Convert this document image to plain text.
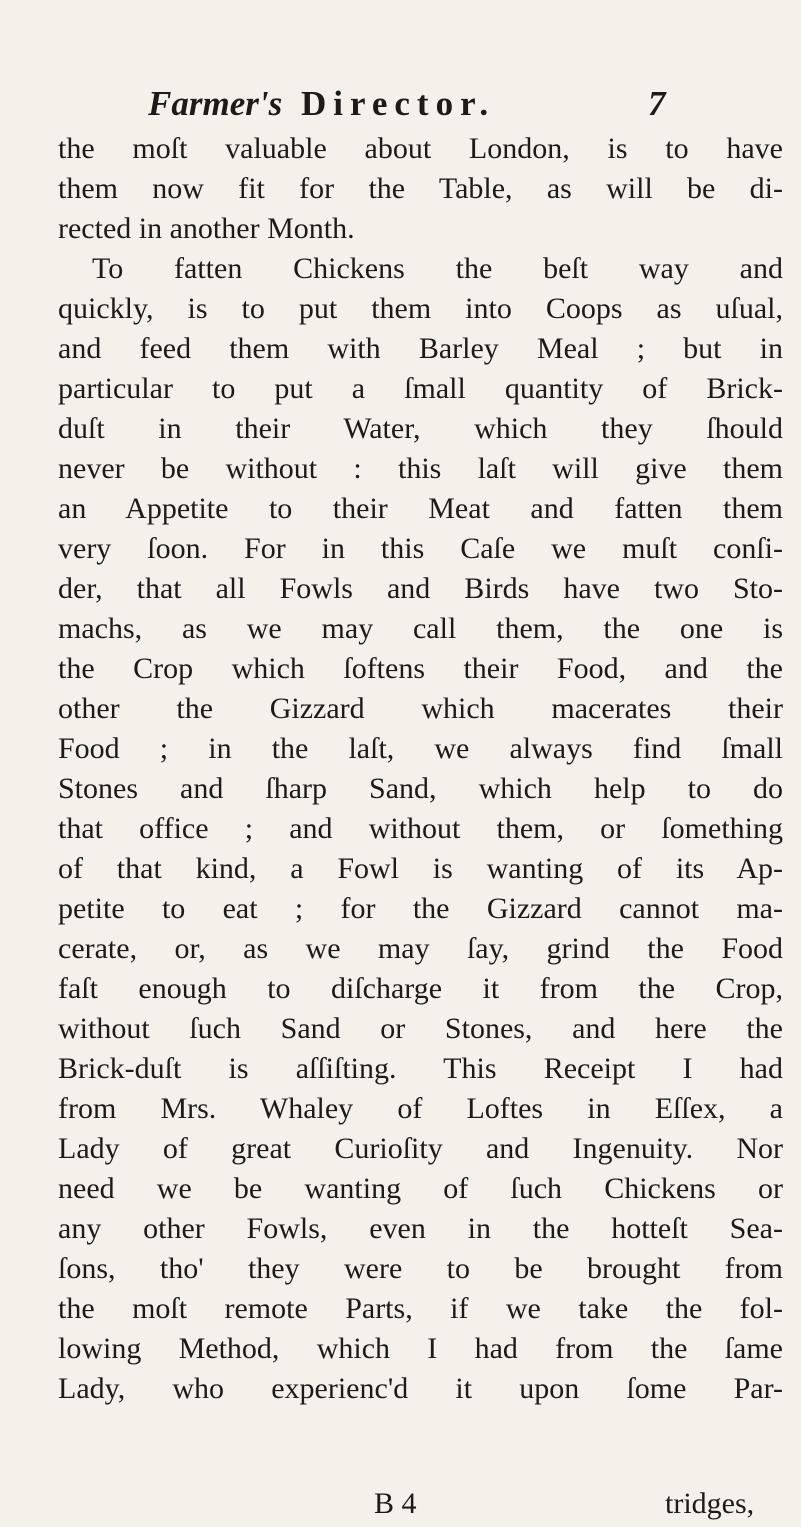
Farmer's Director.	7
the moſt valuable about London, is to have
them now fit for the Table, as will be di-
rected in another Month.
To fatten Chickens the beſt way and
quickly, is to put them into Coops as uſual,
and feed them with Barley Meal ; but in
particular to put a ſmall quantity of Brick-
duſt in their Water, which they ſhould
never be without : this laſt will give them
an Appetite to their Meat and fatten them
very ſoon. For in this Caſe we muſt conſi-
der, that all Fowls and Birds have two Sto-
machs, as we may call them, the one is
the Crop which ſoftens their Food, and the
other the Gizzard which macerates their
Food ; in the laſt, we always find ſmall
Stones and ſharp Sand, which help to do
that office ; and without them, or ſomething
of that kind, a Fowl is wanting of its Ap-
petite to eat ; for the Gizzard cannot ma-
cerate, or, as we may ſay, grind the Food
faſt enough to diſcharge it from the Crop,
without ſuch Sand or Stones, and here the
Brick-duſt is aſſiſting. This Receipt I had
from Mrs. Whaley of Loftes in Eſſex, a
Lady of great Curioſity and Ingenuity. Nor
need we be wanting of ſuch Chickens or
any other Fowls, even in the hotteſt Sea-
ſons, tho' they were to be brought from
the moſt remote Parts, if we take the fol-
lowing Method, which I had from the ſame
Lady, who experienc'd it upon ſome Par-
B 4	tridges,
